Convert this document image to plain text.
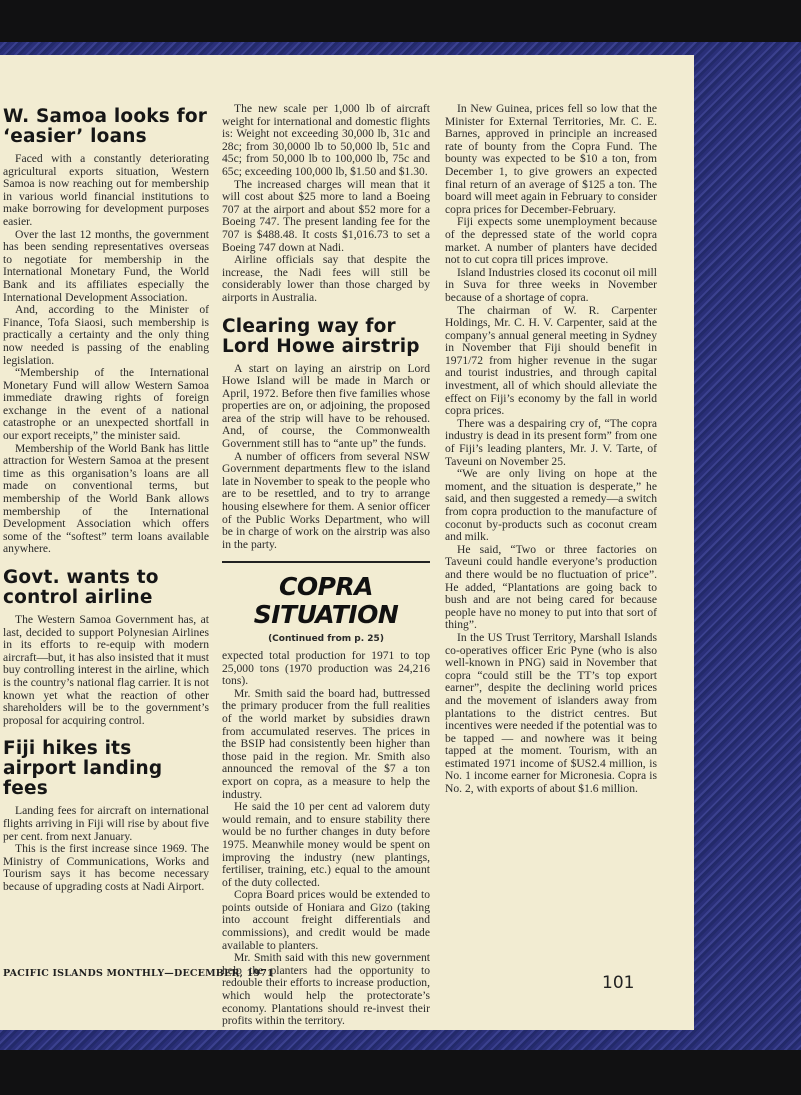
W. Samoa looks for ‘easier’ loans

Faced with a constantly deteriorating agricultural exports situation, Western Samoa is now reaching out for membership in various world financial institutions to make borrowing for development purposes easier.

Over the last 12 months, the government has been sending representatives overseas to negotiate for membership in the International Monetary Fund, the World Bank and its affiliates especially the International Development Association.

And, according to the Minister of Finance, Tofa Siaosi, such membership is practically a certainty and the only thing now needed is passing of the enabling legislation.

“Membership of the International Monetary Fund will allow Western Samoa immediate drawing rights of foreign exchange in the event of a national catastrophe or an unexpected shortfall in our export receipts,” the minister said.

Membership of the World Bank has little attraction for Western Samoa at the present time as this organisation’s loans are all made on conventional terms, but membership of the World Bank allows membership of the International Development Association which offers some of the “softest” term loans available anywhere.

Govt. wants to control airline

The Western Samoa Government has, at last, decided to support Polynesian Airlines in its efforts to re-equip with modern aircraft—but, it has also insisted that it must buy controlling interest in the airline, which is the country’s national flag carrier. It is not known yet what the reaction of other shareholders will be to the government’s proposal for acquiring control.

Fiji hikes its airport landing fees

Landing fees for aircraft on international flights arriving in Fiji will rise by about five per cent. from next January.

This is the first increase since 1969. The Ministry of Communications, Works and Tourism says it has become necessary because of upgrading costs at Nadi Airport.

The new scale per 1,000 lb of aircraft weight for international and domestic flights is: Weight not exceeding 30,000 lb, 31c and 28c; from 30,0000 lb to 50,000 lb, 51c and 45c; from 50,000 lb to 100,000 lb, 75c and 65c; exceeding 100,000 lb, $1.50 and $1.30.

The increased charges will mean that it will cost about $25 more to land a Boeing 707 at the airport and about $52 more for a Boeing 747. The present landing fee for the 707 is $488.48. It costs $1,016.73 to set a Boeing 747 down at Nadi.

Airline officials say that despite the increase, the Nadi fees will still be considerably lower than those charged by airports in Australia.

Clearing way for Lord Howe airstrip

A start on laying an airstrip on Lord Howe Island will be made in March or April, 1972. Before then five families whose properties are on, or adjoining, the proposed area of the strip will have to be rehoused. And, of course, the Commonwealth Government still has to “ante up” the funds.

A number of officers from several NSW Government departments flew to the island late in November to speak to the people who are to be resettled, and to try to arrange housing elsewhere for them. A senior officer of the Public Works Department, who will be in charge of work on the airstrip was also in the party.

COPRA SITUATION
(Continued from p. 25)

expected total production for 1971 to top 25,000 tons (1970 production was 24,216 tons).

Mr. Smith said the board had, buttressed the primary producer from the full realities of the world market by subsidies drawn from accumulated reserves. The prices in the BSIP had consistently been higher than those paid in the region. Mr. Smith also announced the removal of the $7 a ton export on copra, as a measure to help the industry.

He said the 10 per cent ad valorem duty would remain, and to ensure stability there would be no further changes in duty before 1975. Meanwhile money would be spent on improving the industry (new plantings, fertiliser, training, etc.) equal to the amount of the duty collected.

Copra Board prices would be extended to points outside of Honiara and Gizo (taking into account freight differentials and commissions), and credit would be made available to planters.

Mr. Smith said with this new government help the planters had the opportunity to redouble their efforts to increase production, which would help the protectorate’s economy. Plantations should re-invest their profits within the territory.

In New Guinea, prices fell so low that the Minister for External Territories, Mr. C. E. Barnes, approved in principle an increased rate of bounty from the Copra Fund. The bounty was expected to be $10 a ton, from December 1, to give growers an expected final return of an average of $125 a ton. The board will meet again in February to consider copra prices for December-February.

Fiji expects some unemployment because of the depressed state of the world copra market. A number of planters have decided not to cut copra till prices improve.

Island Industries closed its coconut oil mill in Suva for three weeks in November because of a shortage of copra.

The chairman of W. R. Carpenter Holdings, Mr. C. H. V. Carpenter, said at the company’s annual general meeting in Sydney in November that Fiji should benefit in 1971/72 from higher revenue in the sugar and tourist industries, and through capital investment, all of which should alleviate the effect on Fiji’s economy by the fall in world copra prices.

There was a despairing cry of, “The copra industry is dead in its present form” from one of Fiji’s leading planters, Mr. J. V. Tarte, of Taveuni on November 25.

“We are only living on hope at the moment, and the situation is desperate,” he said, and then suggested a remedy—a switch from copra production to the manufacture of coconut by-products such as coconut cream and milk.

He said, “Two or three factories on Taveuni could handle everyone’s production and there would be no fluctuation of price”. He added, “Plantations are going back to bush and are not being cared for because people have no money to put into that sort of thing”.

In the US Trust Territory, Marshall Islands co-operatives officer Eric Pyne (who is also well-known in PNG) said in November that copra “could still be the TT’s top export earner”, despite the declining world prices and the movement of islanders away from plantations to the district centres. But incentives were needed if the potential was to be tapped — and nowhere was it being tapped at the moment. Tourism, with an estimated 1971 income of $US2.4 million, is No. 1 income earner for Micronesia. Copra is No. 2, with exports of about $1.6 million.

PACIFIC ISLANDS MONTHLY—DECEMBER, 1971	101
